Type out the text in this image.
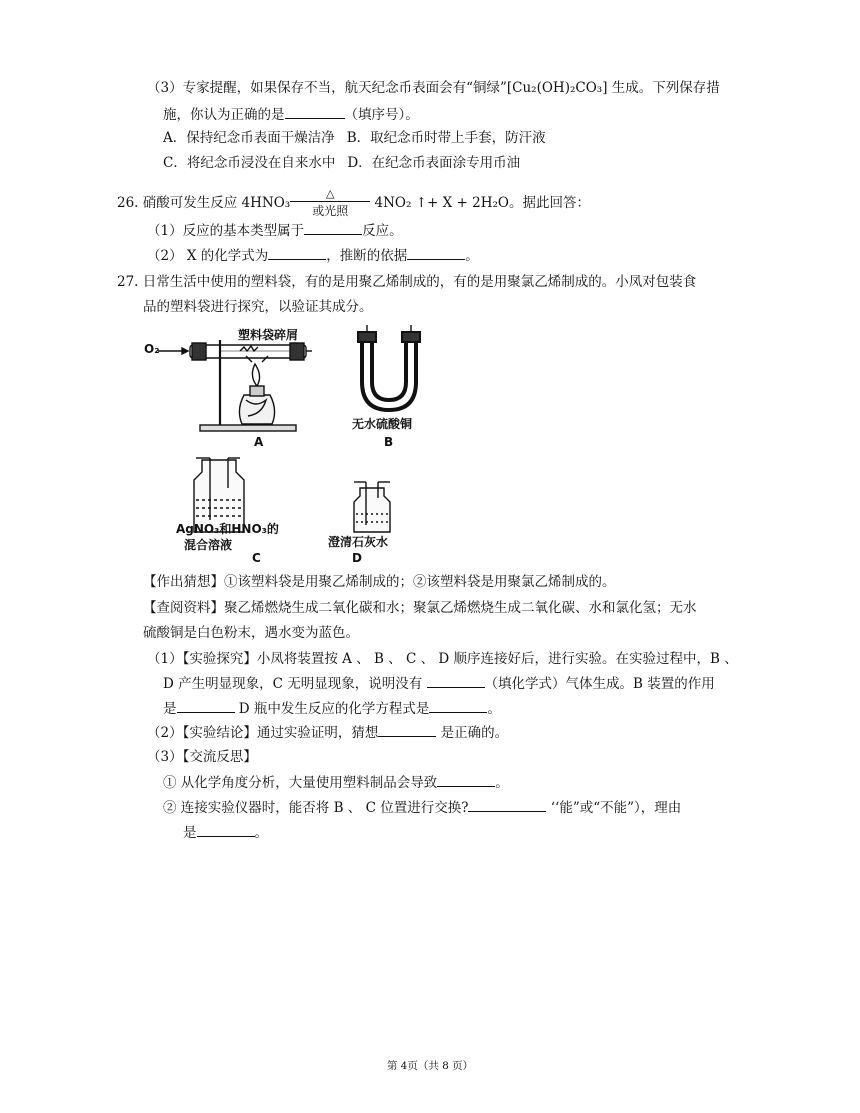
（3）专家提醒，如果保存不当，航天纪念币表面会有“铜绿”[Cu₂(OH)₂CO₃] 生成。下列保存措
施，你认为正确的是	（填序号）。
A．保持纪念币表面干燥洁净 B．取纪念币时带上手套，防汗液
C．将纪念币浸没在自来水中 D．在纪念币表面涂专用币油
26. 硝酸可发生反应 4HNO₃
△
或光照	4NO₂ ↑+ X + 2H₂O。据此回答：
（1）反应的基本类型属于	反应。
（2） X 的化学式为	，推断的依据	。
27. 日常生活中使用的塑料袋，有的是用聚乙烯制成的，有的是用聚氯乙烯制成的。小凤对包装食
品的塑料袋进行探究，以验证其成分。
O₂
塑料袋碎屑
A
无水硫酸铜
B
AgNO₃和HNO₃的
混合溶液
C
澄清石灰水
D
【作出猜想】①该塑料袋是用聚乙烯制成的；②该塑料袋是用聚氯乙烯制成的。
【查阅资料】聚乙烯燃烧生成二氧化碳和水；聚氯乙烯燃烧生成二氧化碳、水和氯化氢；无水
硫酸铜是白色粉末，遇水变为蓝色。
（1）【实验探究】小凤将装置按 A 、 B 、 C 、 D 顺序连接好后，进行实验。在实验过程中，B 、
D 产生明显现象，C 无明显现象，说明没有	（填化学式）气体生成。B 装置的作用
是	D 瓶中发生反应的化学方程式是	。
（2）【实验结论】通过实验证明，猜想	是正确的。
（3）【交流反思】
① 从化学角度分析，大量使用塑料制品会导致	。
② 连接实验仪器时，能否将 B 、 C 位置进行交换?	‘‘能”或“不能”），理由
是	。
第 4页（共 8 页）
